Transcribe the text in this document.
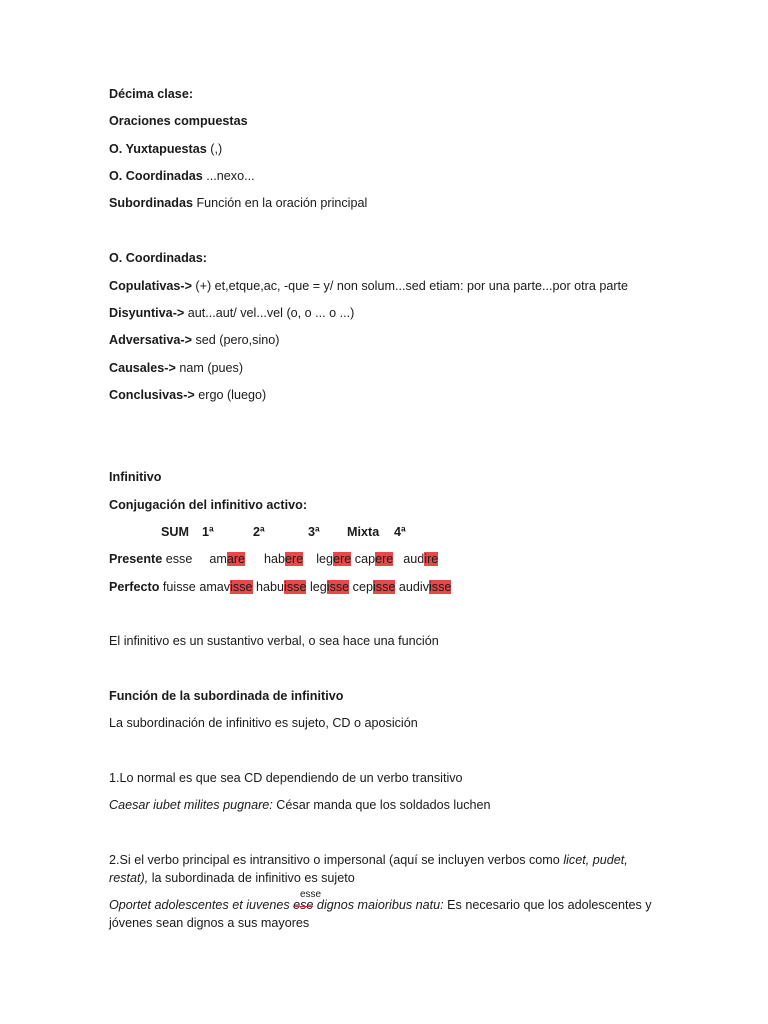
Décima clase:
Oraciones compuestas
O. Yuxtapuestas (,)
O. Coordinadas ...nexo...
Subordinadas Función en la oración principal
O. Coordinadas:
Copulativas-> (+) et,etque,ac, -que = y/ non solum...sed etiam: por una parte...por otra parte
Disyuntiva-> aut...aut/ vel...vel (o, o ... o ...)
Adversativa-> sed (pero,sino)
Causales-> nam (pues)
Conclusivas-> ergo (luego)
Infinitivo
Conjugación del infinitivo activo:
SUM 1ª	2ª	3ª Mixta 4ª
Presente esse amare habere legere capere audire
Perfecto fuisse amavisse habuisse legisse cepisse audivisse
El infinitivo es un sustantivo verbal, o sea hace una función
Función de la subordinada de infinitivo
La subordinación de infinitivo es sujeto, CD o aposición
1.Lo normal es que sea CD dependiendo de un verbo transitivo
Caesar iubet milites pugnare: César manda que los soldados luchen
2.Si el verbo principal es intransitivo o impersonal (aquí se incluyen verbos como licet, pudet,
restat), la subordinada de infinitivo es sujeto
Oportet adolescentes et iuvenes ese dignos maioribus natu: Es necesario que los adolescentes y
esse
jóvenes sean dignos a sus mayores
